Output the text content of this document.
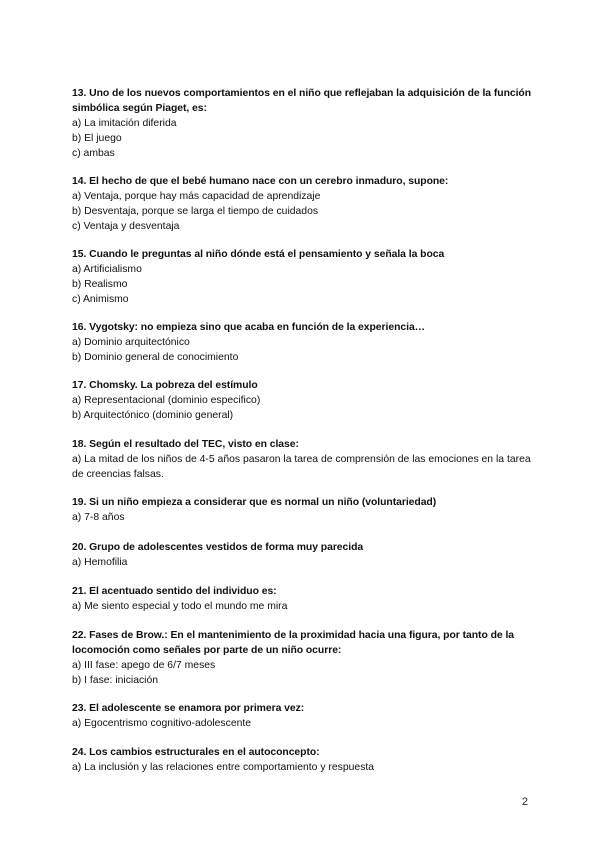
13. Uno de los nuevos comportamientos en el niño que reflejaban la adquisición de la función simbólica según Piaget, es:

a) La imitación diferida

b) El juego

c) ambas

14. El hecho de que el bebé humano nace con un cerebro inmaduro, supone:

a) Ventaja, porque hay más capacidad de aprendizaje

b) Desventaja, porque se larga el tiempo de cuidados

c) Ventaja y desventaja

15. Cuando le preguntas al niño dónde está el pensamiento y señala la boca

a) Artificialismo

b) Realismo

c) Animismo

16. Vygotsky: no empieza sino que acaba en función de la experiencia…

a) Dominio arquitectónico

b) Dominio general de conocimiento

17. Chomsky. La pobreza del estímulo

a) Representacional (dominio especifico)

b) Arquitectónico (dominio general)

18. Según el resultado del TEC, visto en clase:

a) La mitad de los niños de 4-5 años pasaron la tarea de comprensión de las emociones en la tarea de creencias falsas.

19. Si un niño empieza a considerar que es normal un niño (voluntariedad)

a) 7-8 años

20. Grupo de adolescentes vestidos de forma muy parecida

a) Hemofilia

21. El acentuado sentido del individuo es:

a) Me siento especial y todo el mundo me mira

22. Fases de Brow.: En el mantenimiento de la proximidad hacia una figura, por tanto de la locomoción como señales por parte de un niño ocurre:

a) III fase: apego de 6/7 meses

b) I fase: iniciación

23. El adolescente se enamora por primera vez:

a) Egocentrismo cognitivo-adolescente

24. Los cambios estructurales en el autoconcepto:

a) La inclusión y las relaciones entre comportamiento y respuesta

2
